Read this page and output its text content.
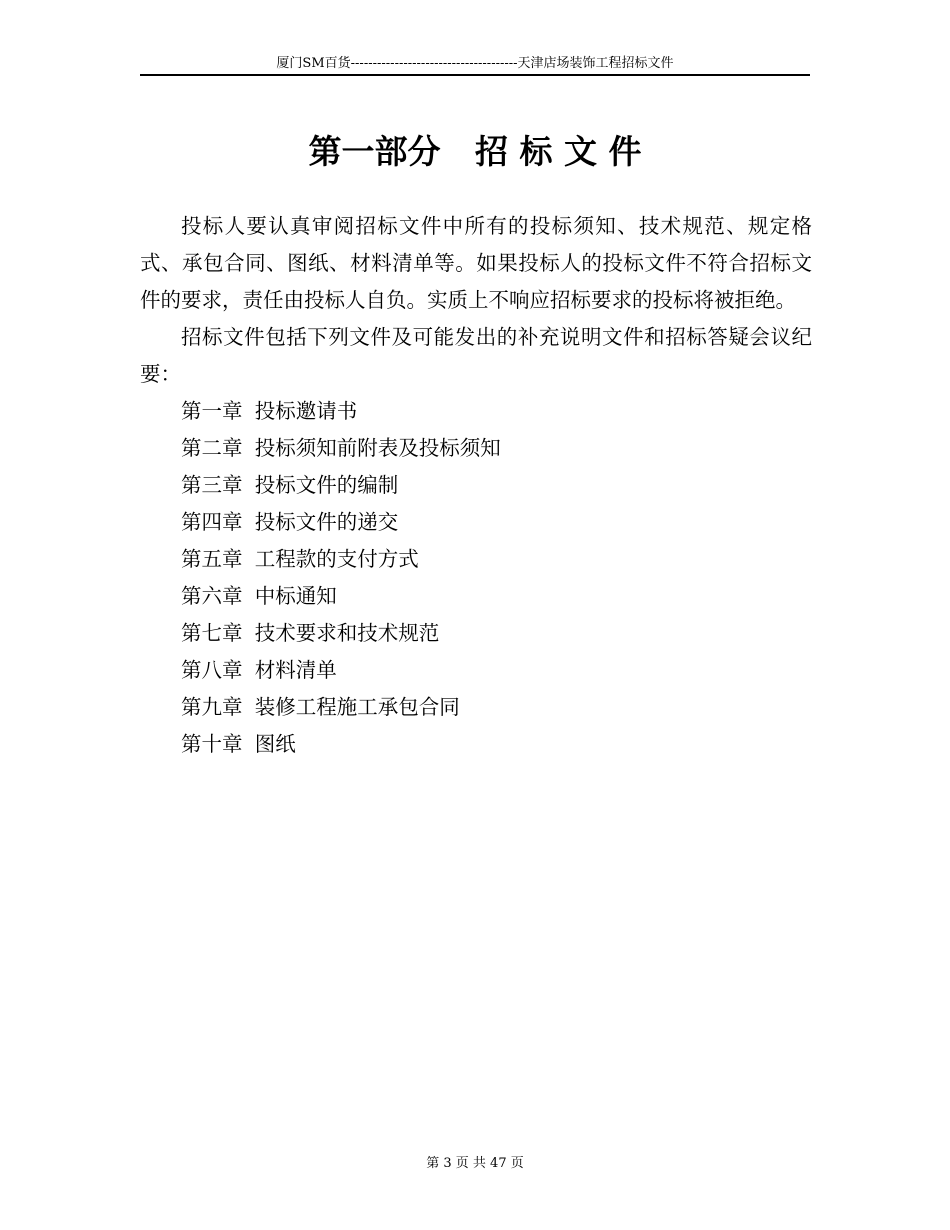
厦门SM百货--------------------------------------天津店场装饰工程招标文件
第一部分   招 标 文 件

投标人要认真审阅招标文件中所有的投标须知、技术规范、规定格式、承包合同、图纸、材料清单等。如果投标人的投标文件不符合招标文件的要求，责任由投标人自负。实质上不响应招标要求的投标将被拒绝。

招标文件包括下列文件及可能发出的补充说明文件和招标答疑会议纪要：

第一章 投标邀请书
第二章 投标须知前附表及投标须知
第三章 投标文件的编制
第四章 投标文件的递交
第五章 工程款的支付方式
第六章 中标通知
第七章 技术要求和技术规范
第八章 材料清单
第九章 装修工程施工承包合同
第十章 图纸
第 3 页 共 47 页
